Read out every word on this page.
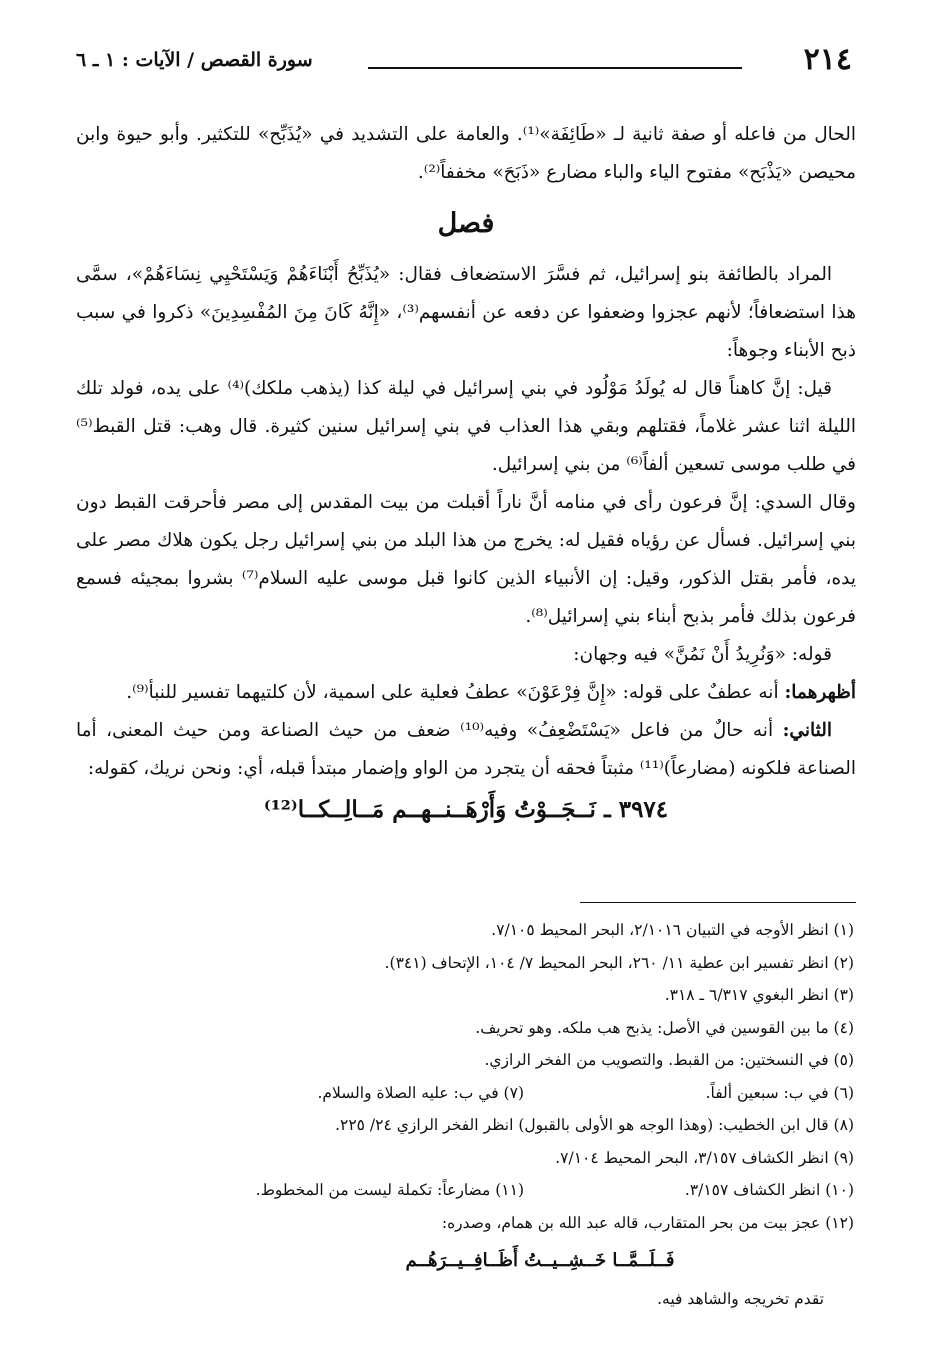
٢١٤
سورة القصص / الآيات : ١ ـ ٦

الحال من فاعله أو صفة ثانية لـ «طَائِفَة»⁽¹⁾. والعامة على التشديد في «يُذَبِّح» للتكثير. وأبو حيوة وابن محيصن «يَذْبَح» مفتوح الياء والباء مضارع «ذَبَحَ» مخففاً⁽²⁾.

فصل

المراد بالطائفة بنو إسرائيل، ثم فسَّرَ الاستضعاف فقال: «يُذَبِّحُ أَبْنَاءَهُمْ وَيَسْتَحْيِي نِسَاءَهُمْ»، سمَّى هذا استضعافاً؛ لأنهم عجزوا وضعفوا عن دفعه عن أنفسهم⁽³⁾، «إِنَّهُ كَانَ مِنَ المُفْسِدِينَ» ذكروا في سبب ذبح الأبناء وجوهاً:

قيل: إنَّ كاهناً قال له يُولَدُ مَوْلُود في بني إسرائيل في ليلة كذا (يذهب ملكك)⁽⁴⁾ على يده، فولد تلك الليلة اثنا عشر غلاماً، فقتلهم وبقي هذا العذاب في بني إسرائيل سنين كثيرة. قال وهب: قتل القبط⁽⁵⁾ في طلب موسى تسعين ألفاً⁽⁶⁾ من بني إسرائيل.

وقال السدي: إنَّ فرعون رأى في منامه أنَّ ناراً أقبلت من بيت المقدس إلى مصر فأحرقت القبط دون بني إسرائيل. فسأل عن رؤياه فقيل له: يخرج من هذا البلد من بني إسرائيل رجل يكون هلاك مصر على يده، فأمر بقتل الذكور، وقيل: إن الأنبياء الذين كانوا قبل موسى عليه السلام⁽⁷⁾ بشروا بمجيئه فسمع فرعون بذلك فأمر بذبح أبناء بني إسرائيل⁽⁸⁾.

قوله: «وَنُرِيدُ أَنْ نَمُنَّ» فيه وجهان:

أظهرهما: أنه عطفٌ على قوله: «إِنَّ فِرْعَوْنَ» عطفُ فعلية على اسمية، لأن كلتيهما تفسير للنبأ⁽⁹⁾.

الثاني: أنه حالٌ من فاعل «يَسْتَضْعِفُ» وفيه⁽¹⁰⁾ ضعف من حيث الصناعة ومن حيث المعنى، أما الصناعة فلكونه (مضارعاً)⁽¹¹⁾ مثبتاً فحقه أن يتجرد من الواو وإضمار مبتدأ قبله، أي: ونحن نريك، كقوله:

٣٩٧٤ ـ نَــجَــوْتُ وَأَرْهَــنــهــم مَــالِــكــا⁽¹²⁾
(١) انظر الأوجه في التبيان ٢/١٠١٦، البحر المحيط ٧/١٠٥.
(٢) انظر تفسير ابن عطية ١١/ ٢٦٠، البحر المحيط ٧/ ١٠٤، الإتحاف (٣٤١).
(٣) انظر البغوي ٦/٣١٧ ـ ٣١٨.
(٤) ما بين القوسين في الأصل: يذبح هب ملكه. وهو تحريف.
(٥) في النسختين: من القبط. والتصويب من الفخر الرازي.
(٦) في ب: سبعين ألفاً.
(٧) في ب: عليه الصلاة والسلام.
(٨) قال ابن الخطيب: (وهذا الوجه هو الأولى بالقبول) انظر الفخر الرازي ٢٤/ ٢٢٥.
(٩) انظر الكشاف ٣/١٥٧، البحر المحيط ٧/١٠٤.
(١٠) انظر الكشاف ٣/١٥٧.
(١١) مضارعاً: تكملة ليست من المخطوط.
(١٢) عجز بيت من بحر المتقارب، قاله عبد الله بن همام، وصدره:
فَــلَــمَّــا خَــشِــيــتُ أَظَــافِــيــرَهُــم
تقدم تخريجه والشاهد فيه.
